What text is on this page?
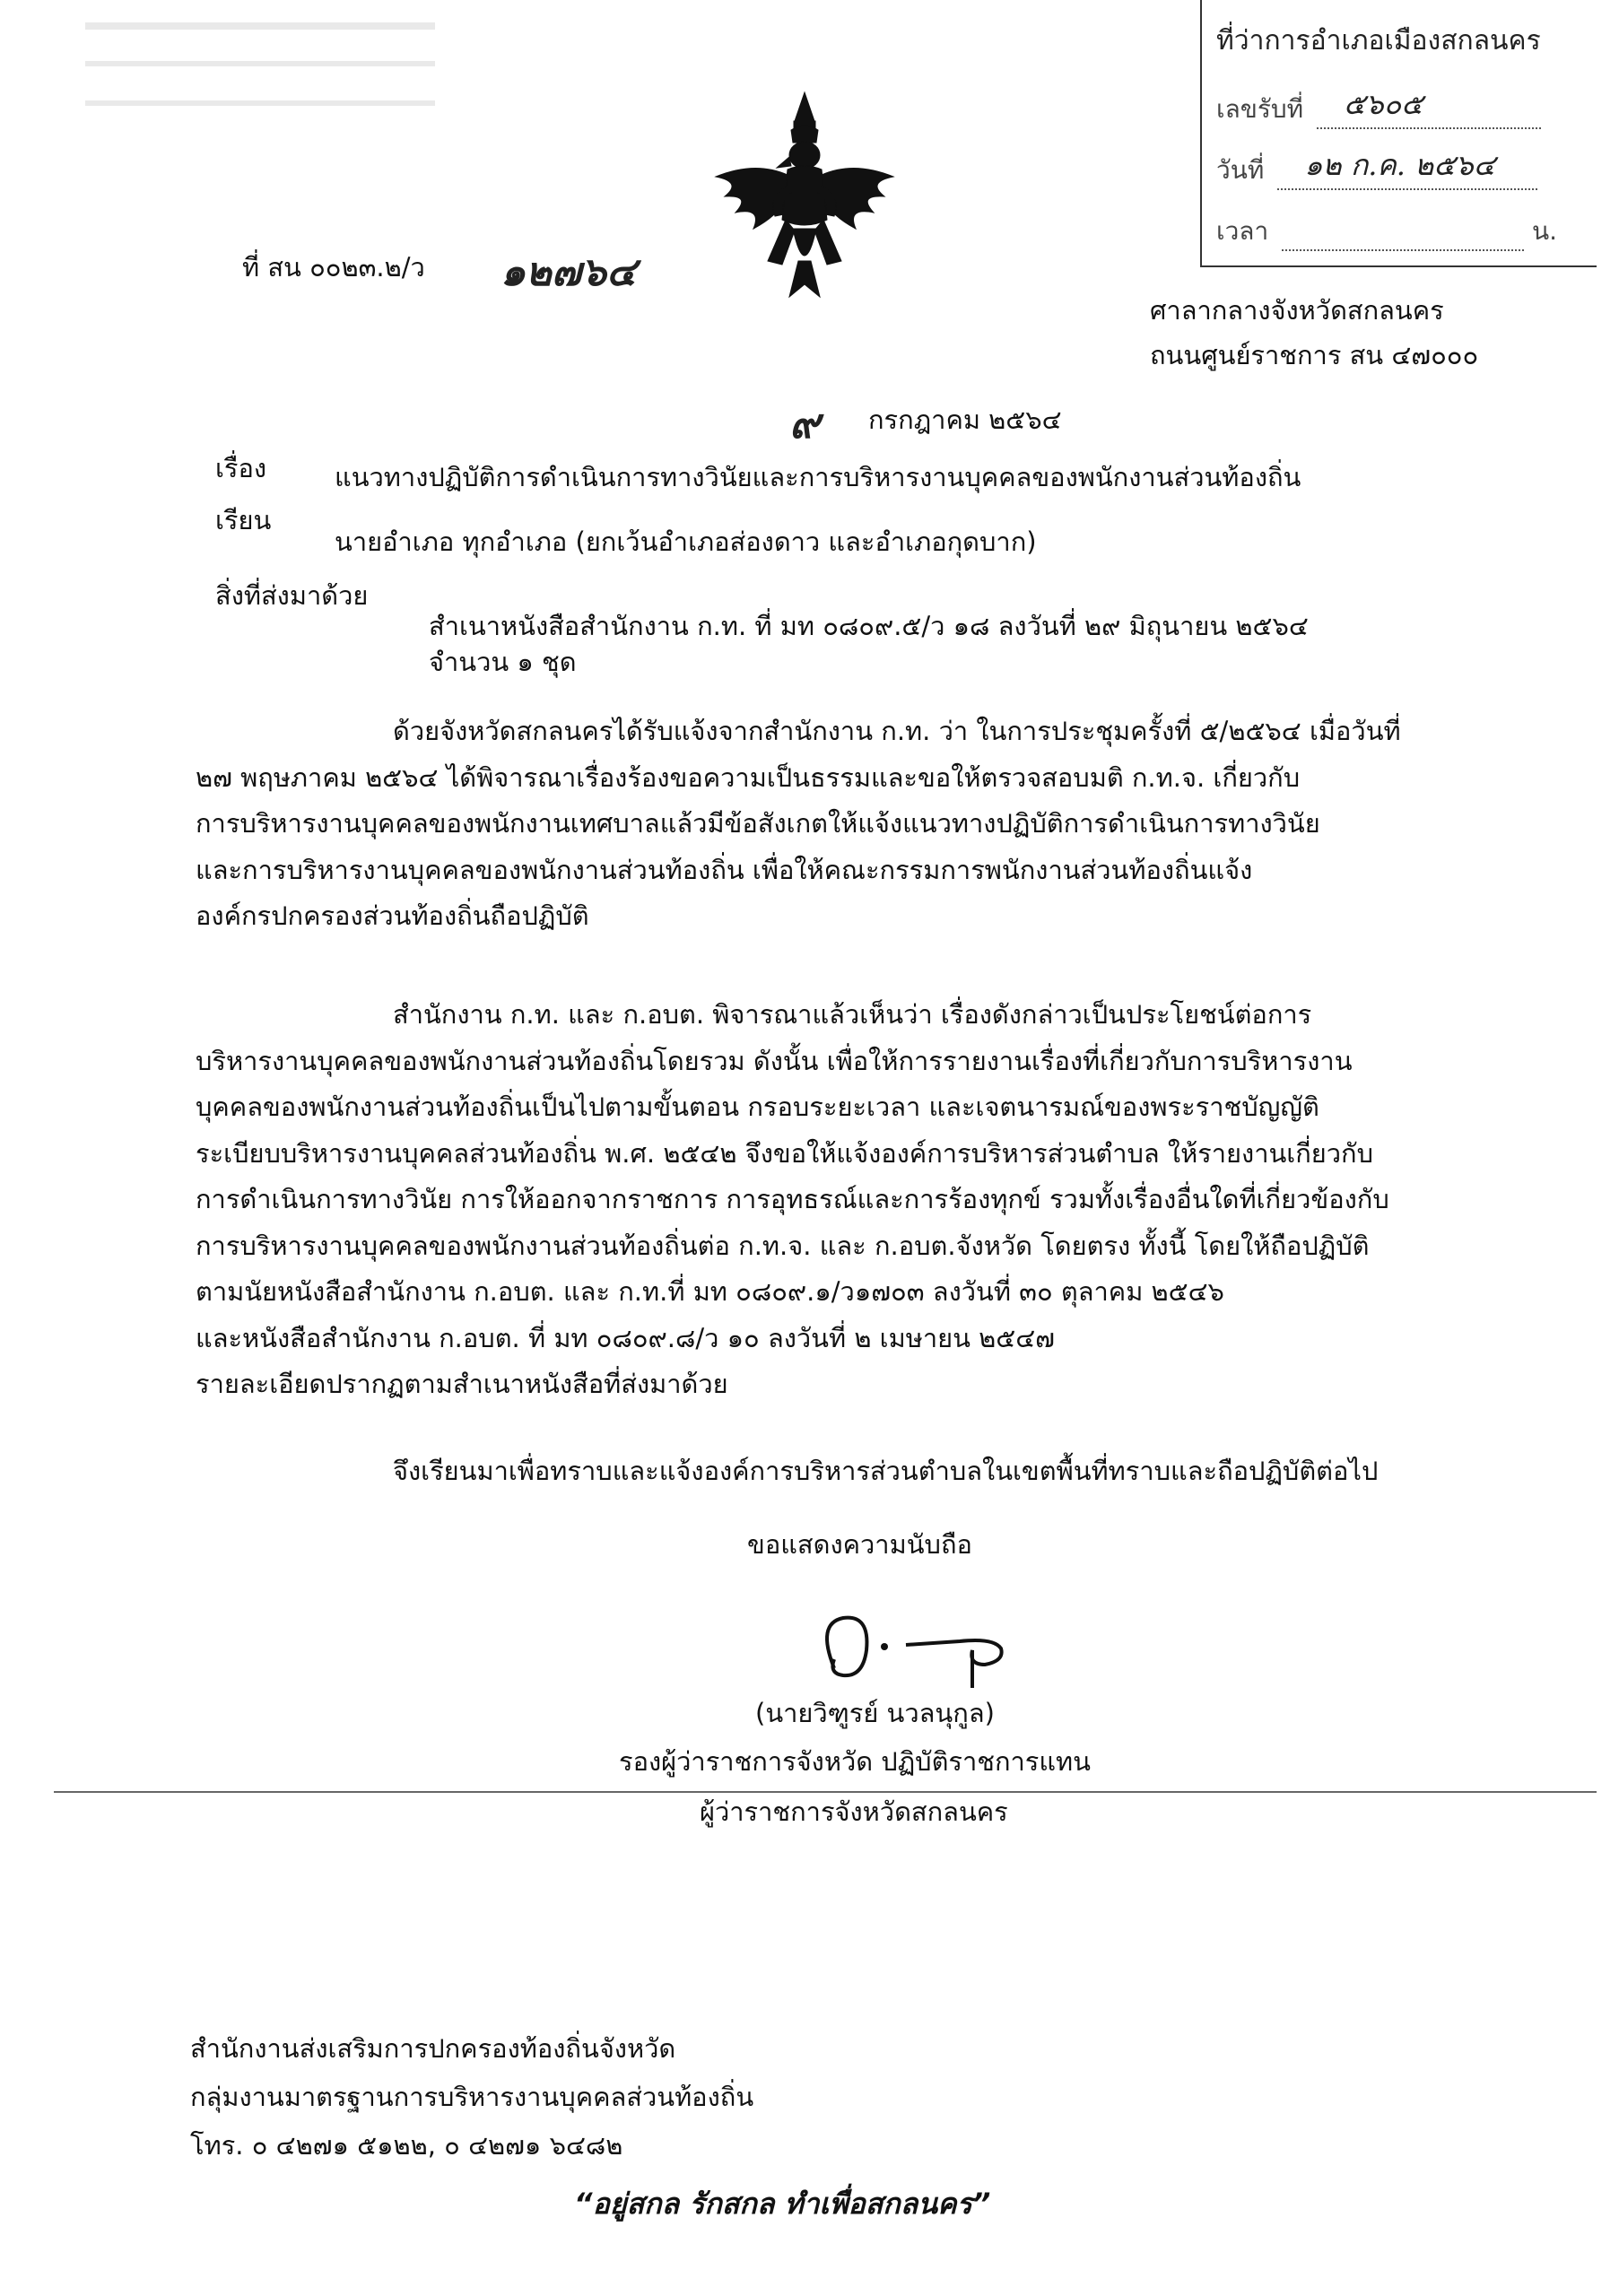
ที่ว่าการอำเภอเมืองสกลนคร
เลขรับที่ ๕๖๐๕
วันที่ ๑๒ ก.ค. ๒๕๖๔
เวลา	น.
ที่ สน ๐๐๒๓.๒/ว ๑๒๗๖๔
ศาลากลางจังหวัดสกลนคร
ถนนศูนย์ราชการ สน ๔๗๐๐๐
๙ กรกฎาคม ๒๕๖๔
เรื่อง	แนวทางปฏิบัติการดำเนินการทางวินัยและการบริหารงานบุคคลของพนักงานส่วนท้องถิ่น
เรียน
นายอำเภอ ทุกอำเภอ (ยกเว้นอำเภอส่องดาว และอำเภอกุดบาก)
สิ่งที่ส่งมาด้วย
สำเนาหนังสือสำนักงาน ก.ท. ที่ มท ๐๘๐๙.๕/ว ๑๘ ลงวันที่ ๒๙ มิถุนายน ๒๕๖๔
จำนวน ๑ ชุด
ด้วยจังหวัดสกลนครได้รับแจ้งจากสำนักงาน ก.ท. ว่า ในการประชุมครั้งที่ ๕/๒๕๖๔ เมื่อวันที่
๒๗ พฤษภาคม ๒๕๖๔ ได้พิจารณาเรื่องร้องขอความเป็นธรรมและขอให้ตรวจสอบมติ ก.ท.จ. เกี่ยวกับ
การบริหารงานบุคคลของพนักงานเทศบาลแล้วมีข้อสังเกตให้แจ้งแนวทางปฏิบัติการดำเนินการทางวินัย
และการบริหารงานบุคคลของพนักงานส่วนท้องถิ่น เพื่อให้คณะกรรมการพนักงานส่วนท้องถิ่นแจ้ง
องค์กรปกครองส่วนท้องถิ่นถือปฏิบัติ
สำนักงาน ก.ท. และ ก.อบต. พิจารณาแล้วเห็นว่า เรื่องดังกล่าวเป็นประโยชน์ต่อการ
บริหารงานบุคคลของพนักงานส่วนท้องถิ่นโดยรวม ดังนั้น เพื่อให้การรายงานเรื่องที่เกี่ยวกับการบริหารงาน
บุคคลของพนักงานส่วนท้องถิ่นเป็นไปตามขั้นตอน กรอบระยะเวลา และเจตนารมณ์ของพระราชบัญญัติ
ระเบียบบริหารงานบุคคลส่วนท้องถิ่น พ.ศ. ๒๕๔๒ จึงขอให้แจ้งองค์การบริหารส่วนตำบล ให้รายงานเกี่ยวกับ
การดำเนินการทางวินัย การให้ออกจากราชการ การอุทธรณ์และการร้องทุกข์ รวมทั้งเรื่องอื่นใดที่เกี่ยวข้องกับ
การบริหารงานบุคคลของพนักงานส่วนท้องถิ่นต่อ ก.ท.จ. และ ก.อบต.จังหวัด โดยตรง ทั้งนี้ โดยให้ถือปฏิบัติ
ตามนัยหนังสือสำนักงาน ก.อบต. และ ก.ท.ที่ มท ๐๘๐๙.๑/ว๑๗๐๓ ลงวันที่ ๓๐ ตุลาคม ๒๕๔๖
และหนังสือสำนักงาน ก.อบต. ที่ มท ๐๘๐๙.๘/ว ๑๐ ลงวันที่ ๒ เมษายน ๒๕๔๗
รายละเอียดปรากฏตามสำเนาหนังสือที่ส่งมาด้วย
จึงเรียนมาเพื่อทราบและแจ้งองค์การบริหารส่วนตำบลในเขตพื้นที่ทราบและถือปฏิบัติต่อไป
ขอแสดงความนับถือ
(นายวิฑูรย์ นวลนุกูล)
รองผู้ว่าราชการจังหวัด ปฏิบัติราชการแทน
ผู้ว่าราชการจังหวัดสกลนคร
สำนักงานส่งเสริมการปกครองท้องถิ่นจังหวัด
กลุ่มงานมาตรฐานการบริหารงานบุคคลส่วนท้องถิ่น
โทร. ๐ ๔๒๗๑ ๕๑๒๒, ๐ ๔๒๗๑ ๖๔๘๒
“อยู่สกล รักสกล ทำเพื่อสกลนคร”
